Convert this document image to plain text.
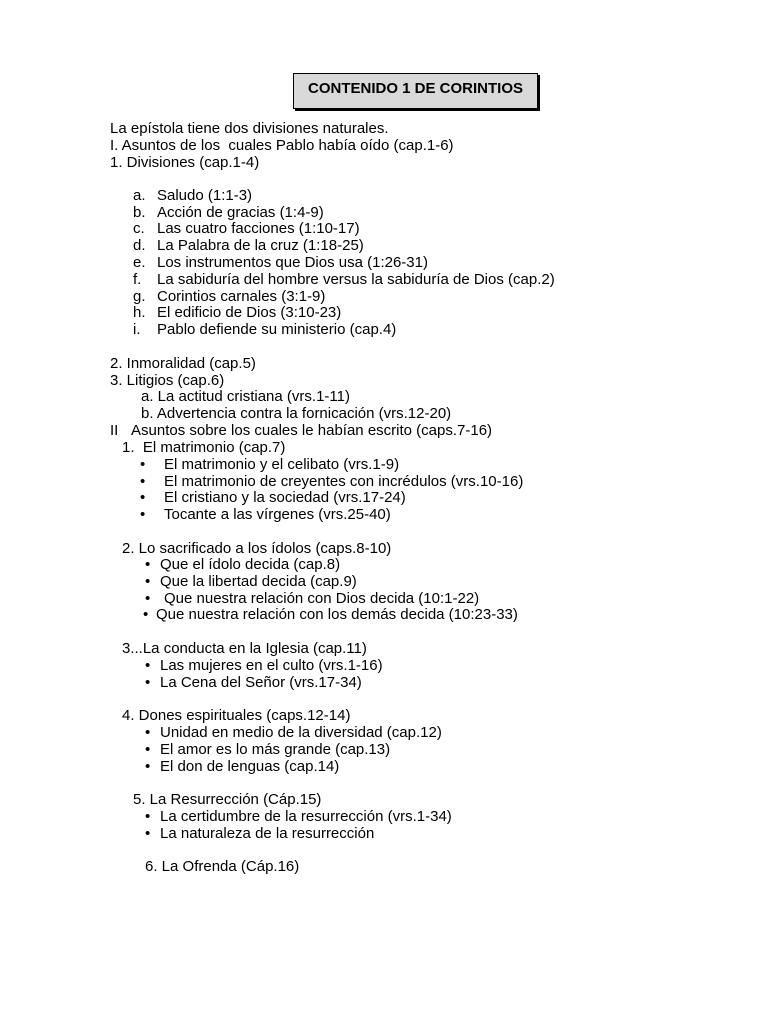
CONTENIDO 1 DE CORINTIOS
La epístola tiene dos divisiones naturales.
I. Asuntos de los  cuales Pablo había oído (cap.1-6)
1. Divisiones (cap.1-4)
a. Saludo (1:1-3)
b. Acción de gracias (1:4-9)
c. Las cuatro facciones (1:10-17)
d. La Palabra de la cruz (1:18-25)
e. Los instrumentos que Dios usa (1:26-31)
f. La sabiduría del hombre versus la sabiduría de Dios (cap.2)
g. Corintios carnales (3:1-9)
h. El edificio de Dios (3:10-23)
i. Pablo defiende su ministerio (cap.4)
2. Inmoralidad (cap.5)
3. Litigios (cap.6)
a. La actitud cristiana (vrs.1-11)
b. Advertencia contra la fornicación (vrs.12-20)
II Asuntos sobre los cuales le habían escrito (caps.7-16)
1.  El matrimonio (cap.7)
• El matrimonio y el celibato (vrs.1-9)
• El matrimonio de creyentes con incrédulos (vrs.10-16)
• El cristiano y la sociedad (vrs.17-24)
• Tocante a las vírgenes (vrs.25-40)
2. Lo sacrificado a los ídolos (caps.8-10)
• Que el ídolo decida (cap.8)
• Que la libertad decida (cap.9)
• Que nuestra relación con Dios decida (10:1-22)
• Que nuestra relación con los demás decida (10:23-33)
3...La conducta en la Iglesia (cap.11)
• Las mujeres en el culto (vrs.1-16)
• La Cena del Señor (vrs.17-34)
4. Dones espirituales (caps.12-14)
• Unidad en medio de la diversidad (cap.12)
• El amor es lo más grande (cap.13)
• El don de lenguas (cap.14)
5. La Resurrección (Cáp.15)
• La certidumbre de la resurrección (vrs.1-34)
• La naturaleza de la resurrección
6. La Ofrenda (Cáp.16)
